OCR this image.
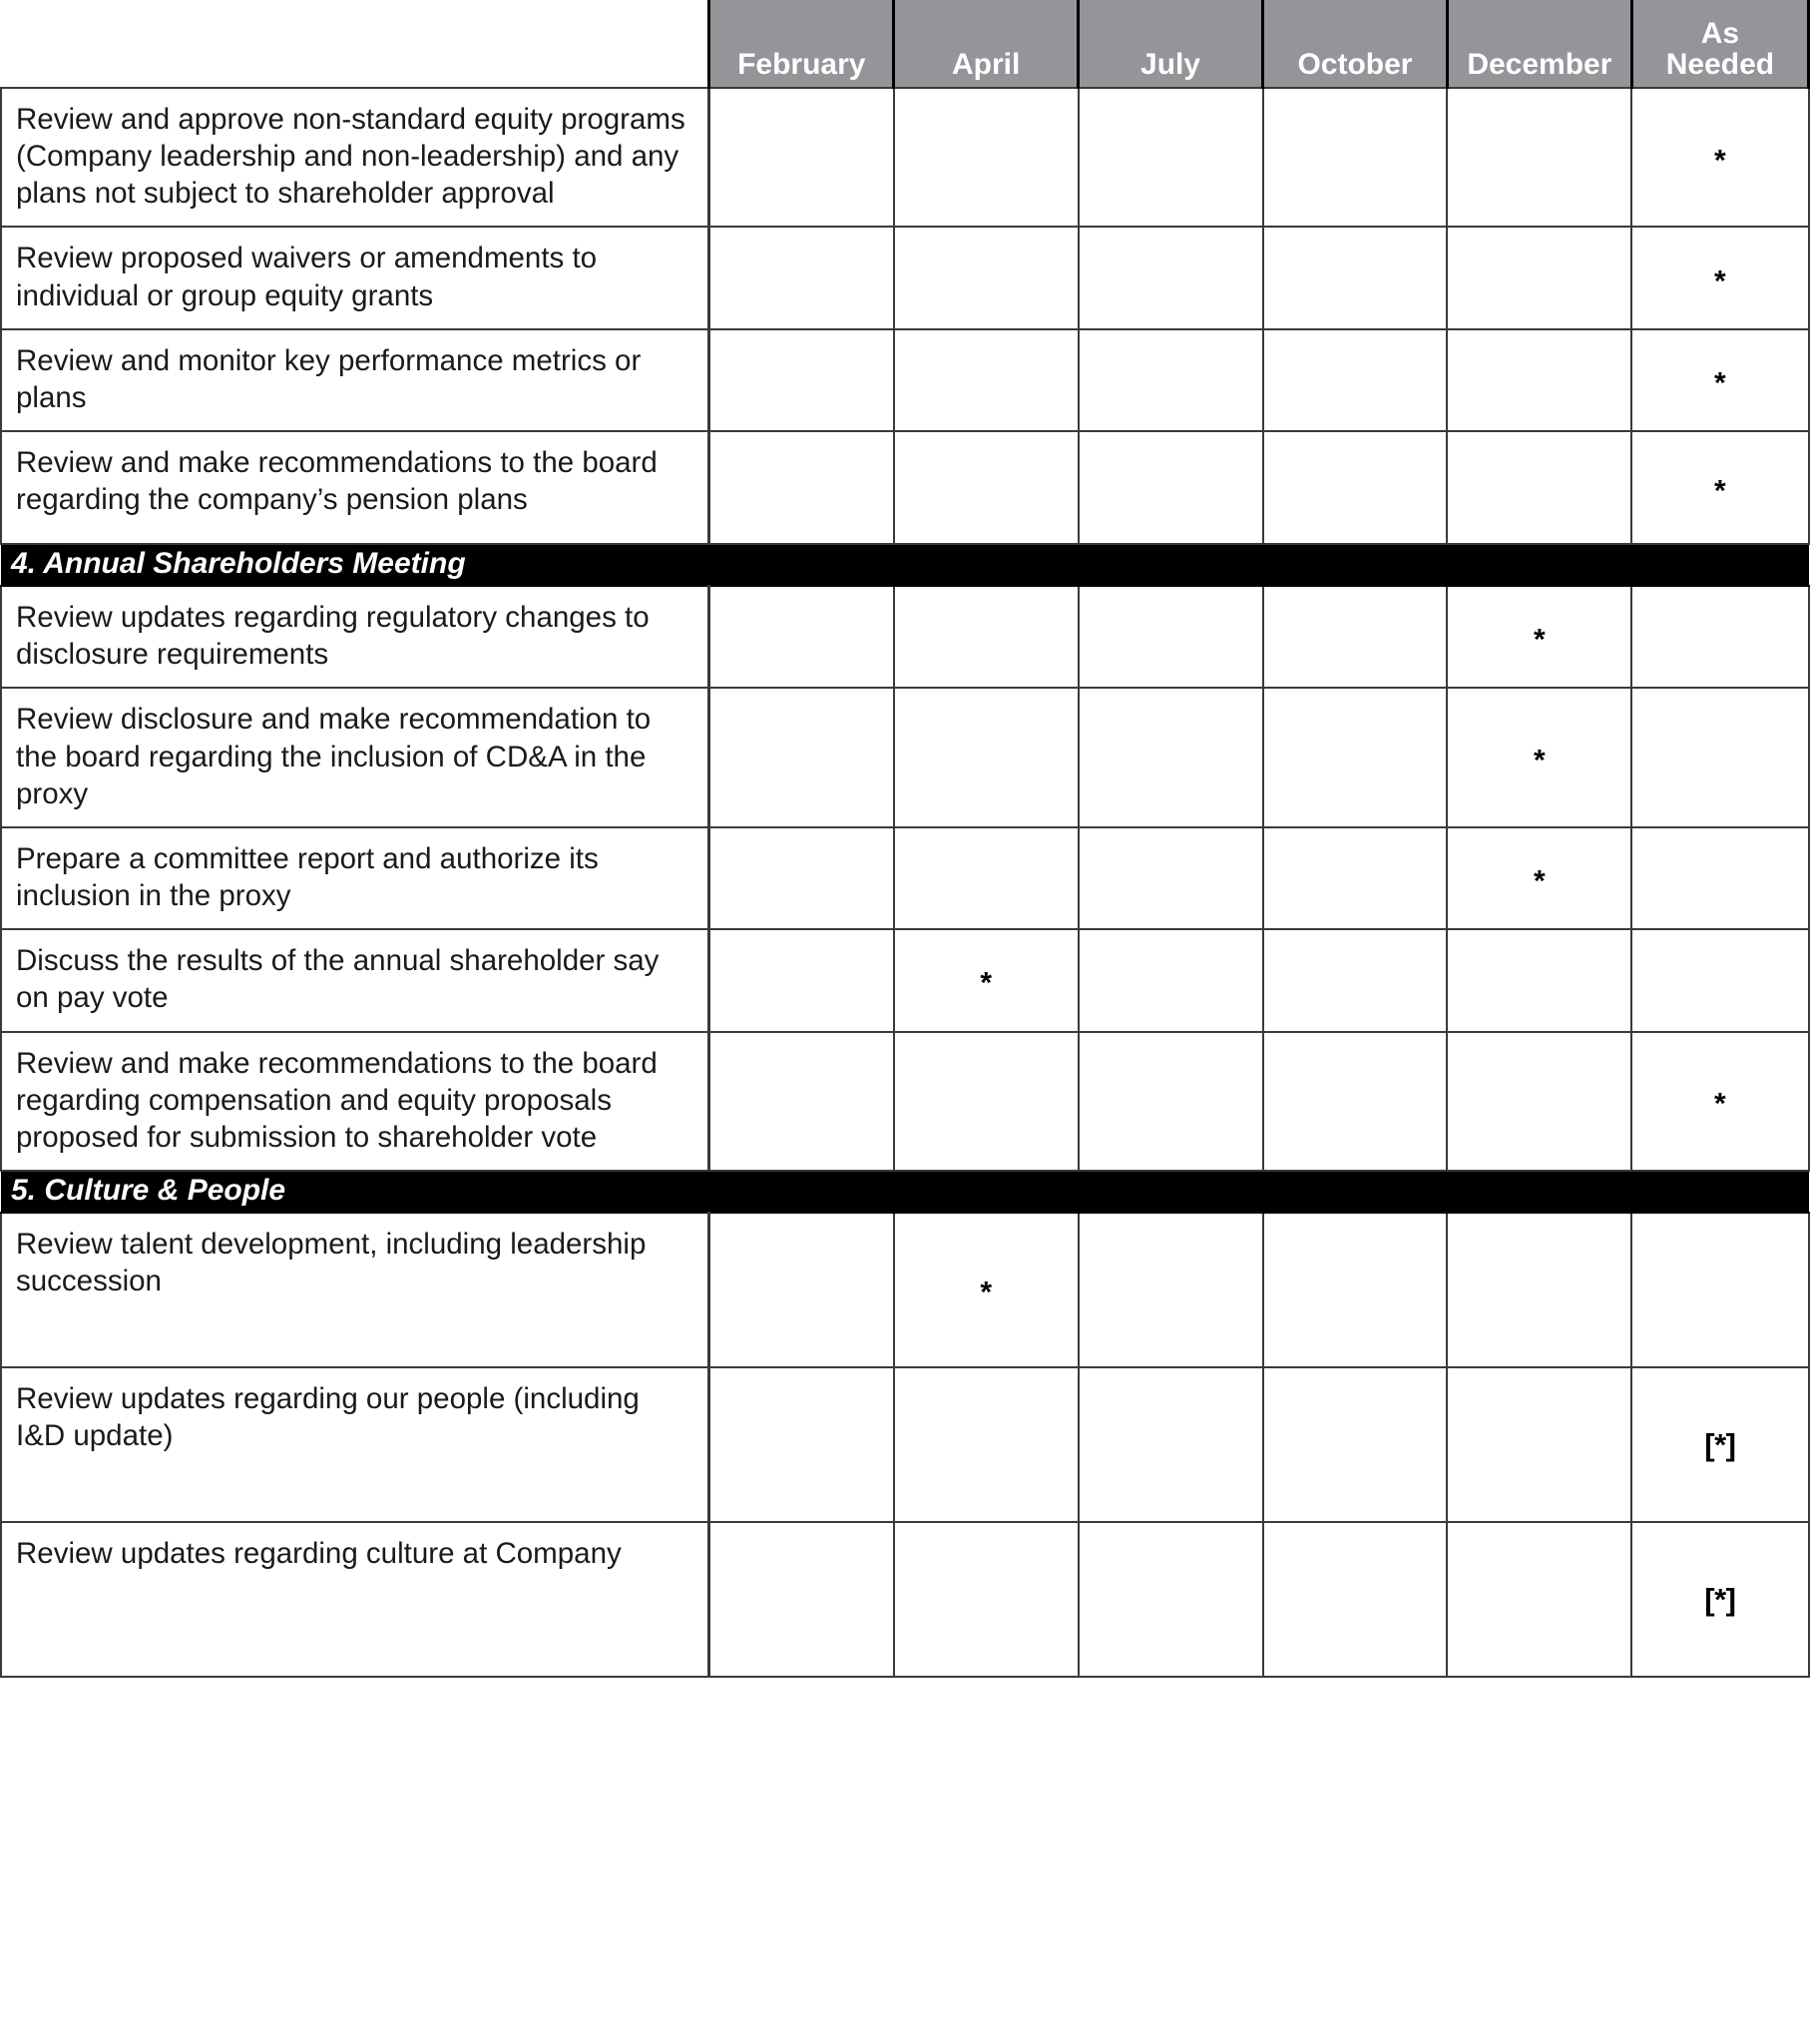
	February	April	July	October	December	As
Needed
Review and approve non-standard equity programs (Company leadership and non-leadership) and any plans not subject to shareholder approval						*

Review proposed waivers or amendments to individual or group equity grants						*

Review and monitor key performance metrics or plans						*

Review and make recommendations to the board regarding the company’s pension plans						*

4. Annual Shareholders Meeting						
Review updates regarding regulatory changes to disclosure requirements					*	

Review disclosure and make recommendation to the board regarding the inclusion of CD&A in the proxy					*	

Prepare a committee report and authorize its inclusion in the proxy					*	

Discuss the results of the annual shareholder say on pay vote		*				

Review and make recommendations to the board regarding compensation and equity proposals proposed for submission to shareholder vote						*

5. Culture & People						
Review talent development, including leadership succession		*				

Review updates regarding our people (including I&D update)						[*]

Review updates regarding culture at Company						[*]
